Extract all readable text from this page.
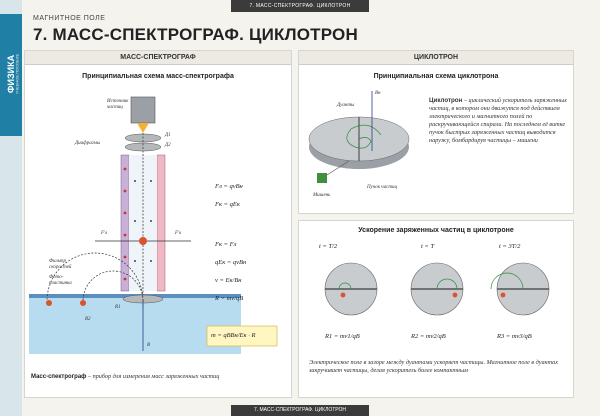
7. МАСС-СПЕКТРОГРАФ. ЦИКЛОТРОН
ФИЗИКА
УЧЕБНОЕ ПОСОБИЕ
МАГНИТНОЕ ПОЛЕ
7. МАСС-СПЕКТРОГРАФ. ЦИКЛОТРОН
МАСС-СПЕКТРОГРАФ
Принципиальная схема масс-спектрографа
Источник
частиц
Диафрагмы
Д1
Д2
F'л	F'к
Фильтр
скоростей
Фото-
пластинка
R1
R2
B
Fл = qvBн
Fк = qEк
Fк = Fл
qEк = qvBн
v = Eк/Bн
R = mv/qB
m = qBBн/Eк · R
Масс-спектрограф – прибор для измерения масс заряженных частиц
ЦИКЛОТРОН
Принципиальная схема циклотрона
Дуанты
Bн
Пучок частиц
Мишень
Циклотрон – циклический ускоритель заряженных частиц, в котором они движутся под действием электрического и магнитного полей по раскручивающейся спирали. На последнем её витке пучок быстрых заряженных частиц выводится наружу, бомбардируя частицы – мишени
Ускорение заряженных частиц в циклотроне
t = T/2	t = T	t = 3T/2
R1 = mv1/qB	R2 = mv2/qB	R3 = mv3/qB
Электрическое поле в зазоре между дуантами ускоряет частицы. Магнитное поле в дуантах закручивает частицы, делая ускоритель более компактным
7. МАСС-СПЕКТРОГРАФ. ЦИКЛОТРОН
